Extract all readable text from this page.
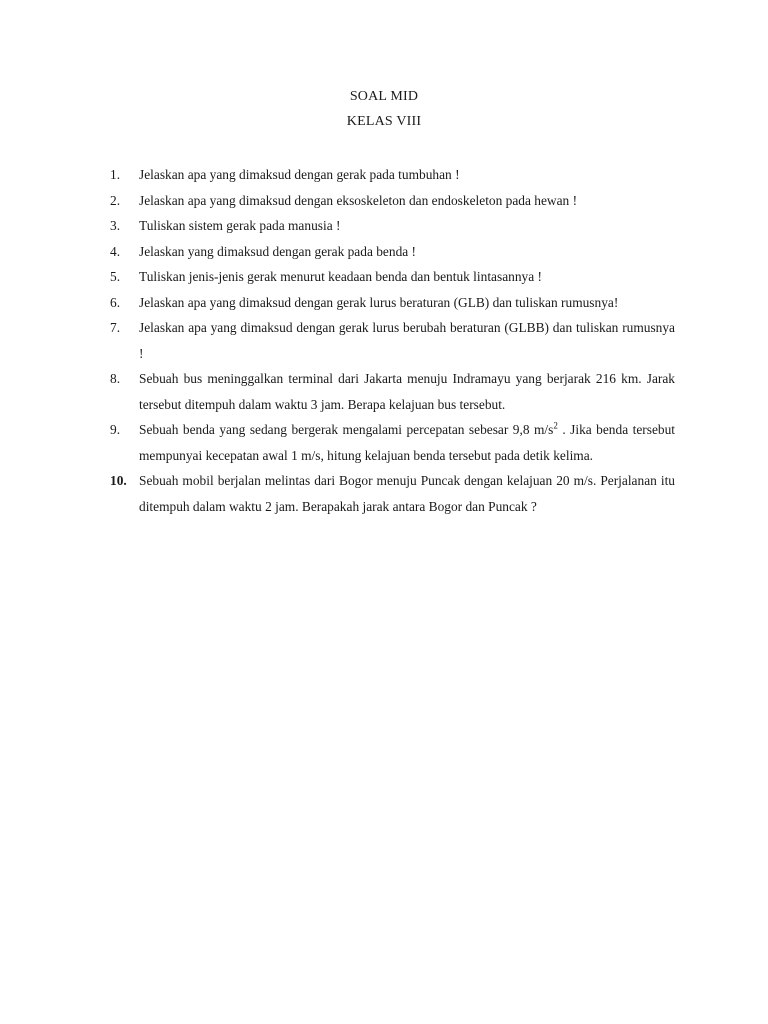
SOAL MID
KELAS VIII
1.	Jelaskan apa yang dimaksud dengan gerak pada tumbuhan !
2.	Jelaskan apa yang dimaksud dengan eksoskeleton dan endoskeleton pada hewan !
3.	Tuliskan sistem gerak pada manusia !
4.	Jelaskan yang dimaksud dengan gerak pada benda !
5.	Tuliskan jenis-jenis gerak menurut keadaan benda dan bentuk lintasannya !
6.	Jelaskan apa yang dimaksud dengan gerak lurus beraturan (GLB) dan tuliskan rumusnya!
7.	Jelaskan apa yang dimaksud dengan gerak lurus berubah beraturan (GLBB) dan tuliskan rumusnya !
8.	Sebuah bus meninggalkan terminal dari Jakarta menuju Indramayu yang berjarak 216 km. Jarak tersebut ditempuh dalam waktu 3 jam. Berapa kelajuan bus tersebut.
9.	Sebuah benda yang sedang bergerak mengalami percepatan sebesar 9,8 $m/s^2$ . Jika benda tersebut mempunyai kecepatan awal 1 m/s, hitung kelajuan benda tersebut pada detik kelima.
10. Sebuah mobil berjalan melintas dari Bogor menuju Puncak dengan kelajuan 20 m/s. Perjalanan itu ditempuh dalam waktu 2 jam. Berapakah jarak antara Bogor dan Puncak ?
